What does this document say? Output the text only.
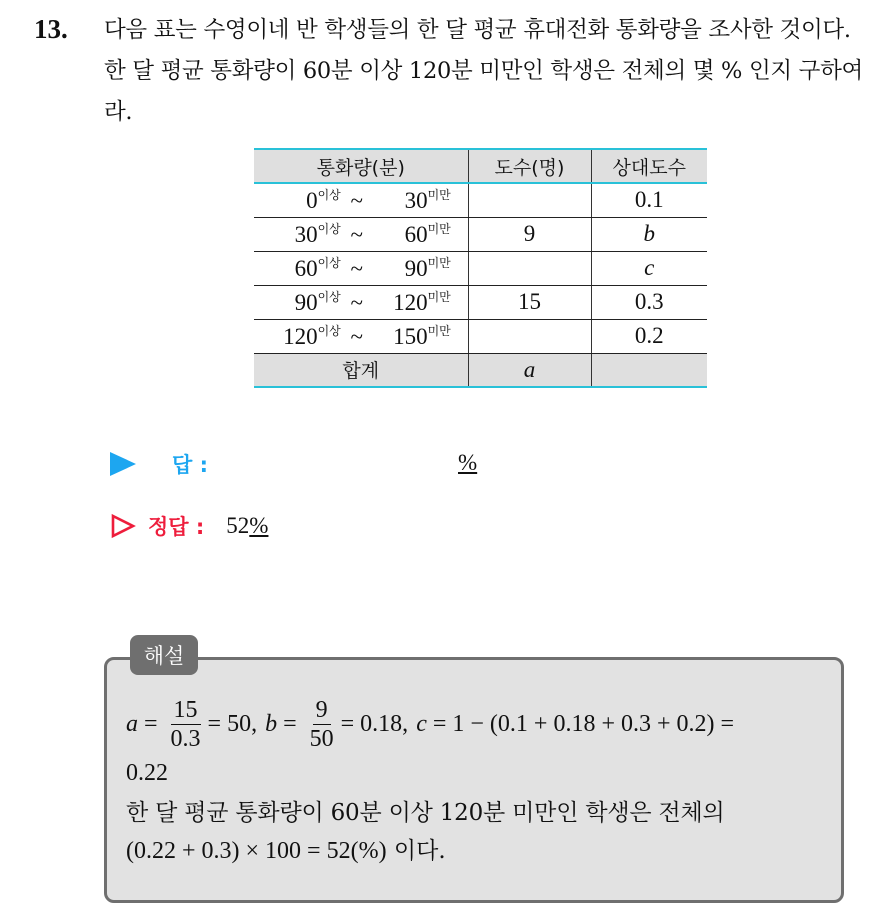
13. 다음 표는 수영이네 반 학생들의 한 달 평균 휴대전화 통화량을 조사한 것이다. 한 달 평균 통화량이 60분 이상 120분 미만인 학생은 전체의 몇 % 인지 구하여라.
통화량(분)	도수(명)	상대도수
$0^{이상}$ ~ $30^{미만}$		0.1
$30^{이상}$ ~ $60^{미만}$	9	b
$60^{이상}$ ~ $90^{미만}$		c
$90^{이상}$ ~ $120^{미만}$	15	0.3
$120^{이상}$ ~ $150^{미만}$		0.2
합계	a	
답 :	%
정답 : 52%
해설
$a = \frac{15}{0.3} = 50$, $b = \frac{9}{50} = 0.18$, c = 1 − (0.1 + 0.18 + 0.3 + 0.2) =
0.22
한 달 평균 통화량이 60분 이상 120분 미만인 학생은 전체의
(0.22 + 0.3) × 100 = 52(%) 이다.
